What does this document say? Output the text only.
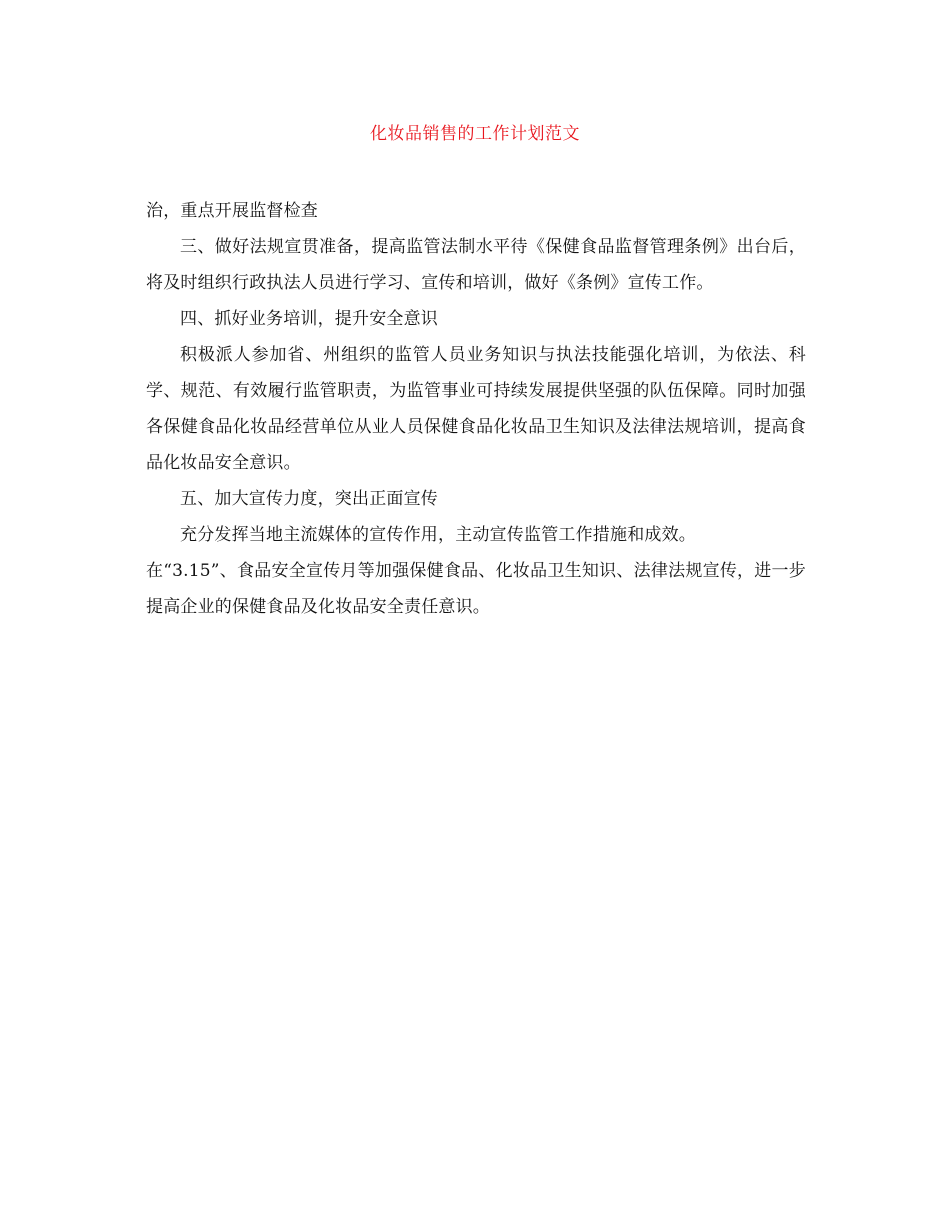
化妆品销售的工作计划范文

治，重点开展监督检查

三、做好法规宣贯准备，提高监管法制水平待《保健食品监督管理条例》出台后，将及时组织行政执法人员进行学习、宣传和培训，做好《条例》宣传工作。

四、抓好业务培训，提升安全意识

积极派人参加省、州组织的监管人员业务知识与执法技能强化培训，为依法、科学、规范、有效履行监管职责，为监管事业可持续发展提供坚强的队伍保障。同时加强各保健食品化妆品经营单位从业人员保健食品化妆品卫生知识及法律法规培训，提高食品化妆品安全意识。

五、加大宣传力度，突出正面宣传

充分发挥当地主流媒体的宣传作用，主动宣传监管工作措施和成效。

在“3.15”、食品安全宣传月等加强保健食品、化妆品卫生知识、法律法规宣传，进一步提高企业的保健食品及化妆品安全责任意识。
